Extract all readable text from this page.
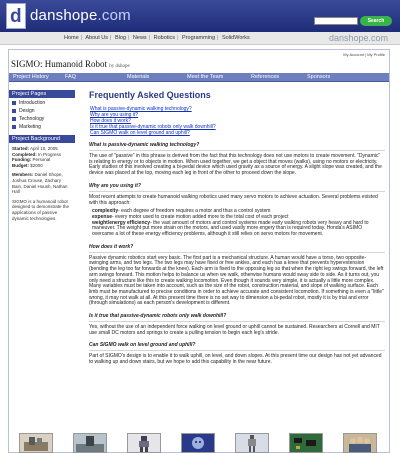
d danshope.com	Search
Home | About Us | Blog | News | Robotics | Programming | SolidWorks	danshope.com
My Account | My Profile
SIGMO: Humanoid Robot by dshope
Project History	FAQ	Materials	Meet the Team	References	Sponsors
Project Pages
Introduction
Design
Technology
Marketing
Project Background
Started: April 10, 2005
Completed: In Progress
Funding: Personal
Budget: $2000
Members: Daniel Shope, Joshua Crouse, Zachary Bain, Daniel Housh, Nathan Hall
SIGMO is a humanoid robot designed to demonstrate the applications of passive dynamic technologies.
Frequently Asked Questions
What is passive-dynamic walking technology?
Why are you using it?
How does it work?
Is it true that passive-dynamic robots only walk downhill?
Can SIGMO walk on level ground and uphill?
What is passive-dynamic walking technology?
The use of "passive" in this phrase is derived from the fact that this technology does not use motors to create movement. "Dynamic" is relating to energy or to objects in motion. When used together, we get a object that moves (walks), using no motors or electricity. Early studies of this involved creating a bi-pedal device which used gravity as a source of energy. A slight slope was created, and the device was placed at the top, moving each leg in front of the other to proceed down the slope.
Why are you using it?
Most recent attempts to create humanoid walking robotics used many servo motors to achieve actuation. Several problems existed with this approach:
complexity- each degree of freedom requires a motor and thus a control system
expense- every motor used to create motion added more to the total cost of each project
weight/energy efficiency- the vast amount of motors and control systems made early walking robots very heavy and hard to maneuver. The weight put more strain on the motors, and used vastly more engery than is required today. Honda's ASIMO overcame a lot of these energy efficiency problems, although it still relies on servo motors for movement.
How does it work?
Passive dynamic robotics start very basic. The first part is a mechanical structure. A human would have a torso, two opposite-swinging arms, and two legs. The two legs may have fixed or free ankles, and each has a knee that prevents hyperextension (bending the leg too far forwards at the knee). Each arm is fixed to the opposing leg so that when the right leg swings forward, the left arm swings forward. This motion helps to balance us when we walk, otherwise humans would sway side to side. As it turns out, you only need a structure like this to create walking locomotion. Even though it sounds very simple, it is actually a little more complex. Many variables must be taken into account, such as the size of the robot, construction material, and slope of walking surface. Each limb must be manufactured to precise conditions in order to achieve accurate and consistent locomotion. If something is even a "little" wrong, it may not walk at all. At this present time there is no set way to dimension a bi-pedal robot, mostly it is by trial and error (through simulations) as each person's development is different.
Is it true that passive-dynamic robots only walk downhill?
Yes, without the use of an independent force walking on level ground or uphill cannot be sustained. Researchers at Cornell and MIT use small DC motors and springs to create a pulling tension to begin each leg's stride.
Can SIGMO walk on level ground and uphill?
Part of SIGMO's design is to enable it to walk uphill, on level, and down slopes. At this present time our design has not yet advanced to walking up and down stairs, but we hope to add this capability in the near future.
